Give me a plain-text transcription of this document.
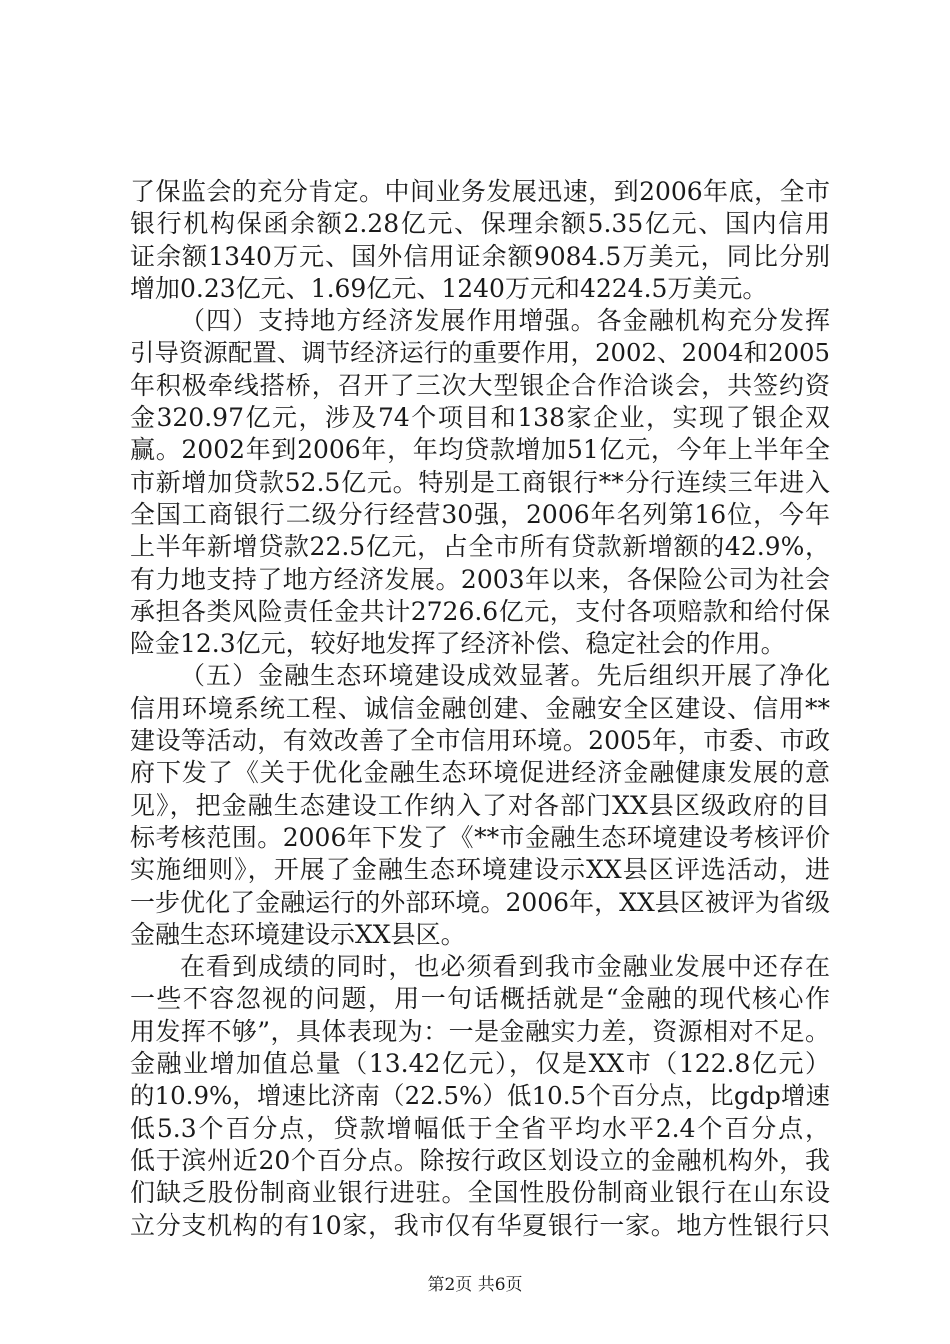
了保监会的充分肯定。中间业务发展迅速，到2006年底，全市
银行机构保函余额2.28亿元、保理余额5.35亿元、国内信用
证余额1340万元、国外信用证余额9084.5万美元，同比分别
增加0.23亿元、1.69亿元、1240万元和4224.5万美元。
（四）支持地方经济发展作用增强。各金融机构充分发挥
引导资源配置、调节经济运行的重要作用，2002、2004和2005
年积极牵线搭桥，召开了三次大型银企合作洽谈会，共签约资
金320.97亿元，涉及74个项目和138家企业，实现了银企双
赢。2002年到2006年，年均贷款增加51亿元，今年上半年全
市新增加贷款52.5亿元。特别是工商银行**分行连续三年进入
全国工商银行二级分行经营30强，2006年名列第16位，今年
上半年新增贷款22.5亿元，占全市所有贷款新增额的42.9%，
有力地支持了地方经济发展。2003年以来，各保险公司为社会
承担各类风险责任金共计2726.6亿元，支付各项赔款和给付保
险金12.3亿元，较好地发挥了经济补偿、稳定社会的作用。
（五）金融生态环境建设成效显著。先后组织开展了净化
信用环境系统工程、诚信金融创建、金融安全区建设、信用**
建设等活动，有效改善了全市信用环境。2005年，市委、市政
府下发了《关于优化金融生态环境促进经济金融健康发展的意
见》，把金融生态建设工作纳入了对各部门XX县区级政府的目
标考核范围。2006年下发了《**市金融生态环境建设考核评价
实施细则》，开展了金融生态环境建设示XX县区评选活动，进
一步优化了金融运行的外部环境。2006年，XX县区被评为省级
金融生态环境建设示XX县区。
在看到成绩的同时，也必须看到我市金融业发展中还存在
一些不容忽视的问题，用一句话概括就是“金融的现代核心作
用发挥不够”，具体表现为：一是金融实力差，资源相对不足。
金融业增加值总量（13.42亿元），仅是XX市（122.8亿元）
的10.9%，增速比济南（22.5%）低10.5个百分点，比gdp增速
低5.3个百分点，贷款增幅低于全省平均水平2.4个百分点，
低于滨州近20个百分点。除按行政区划设立的金融机构外，我
们缺乏股份制商业银行进驻。全国性股份制商业银行在山东设
立分支机构的有10家，我市仅有华夏银行一家。地方性银行只
第2页 共6页
